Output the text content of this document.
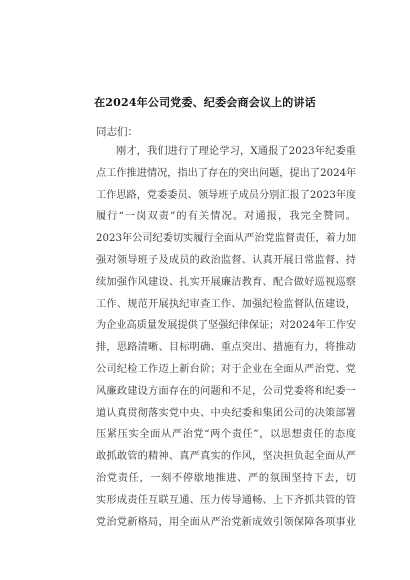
在2024年公司党委、纪委会商会议上的讲话
同志们：
刚才，我们进行了理论学习，X通报了2023年纪委重
点工作推进情况，指出了存在的突出问题，提出了2024年
工作思路，党委委员、领导班子成员分别汇报了2023年度
履行“一岗双责”的有关情况。对通报，我完全赞同。
2023年公司纪委切实履行全面从严治党监督责任，着力加
强对领导班子及成员的政治监督、认真开展日常监督、持
续加强作风建设、扎实开展廉洁教育、配合做好巡视巡察
工作、规范开展执纪审查工作、加强纪检监督队伍建设，
为企业高质量发展提供了坚强纪律保证；对2024年工作安
排，思路清晰、目标明确、重点突出、措施有力，将推动
公司纪检工作迈上新台阶；对于企业在全面从严治党、党
风廉政建设方面存在的问题和不足，公司党委将和纪委一
道认真贯彻落实党中央、中央纪委和集团公司的决策部署
压紧压实全面从严治党“两个责任”，以思想责任的态度
敢抓敢管的精神、真严真实的作风，坚决担负起全面从严
治党责任，一刻不停歇地推进、严的氛围坚持下去，切
实形成责任互联互通、压力传导通畅、上下齐抓共管的管
党治党新格局，用全面从严治党新成效引领保障各项事业
